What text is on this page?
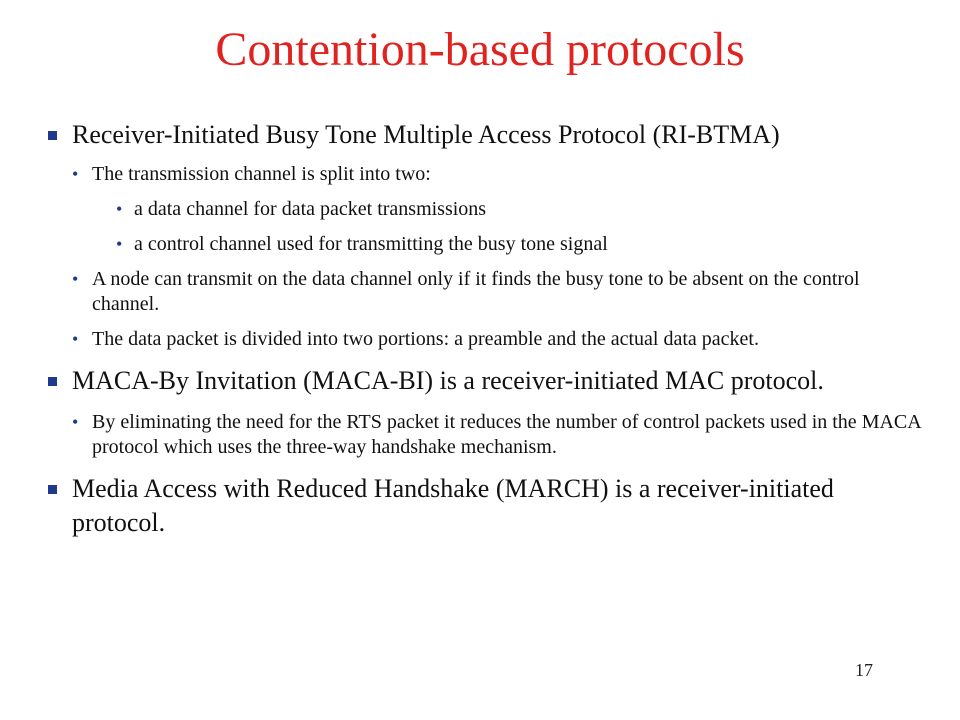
Contention-based protocols
Receiver-Initiated Busy Tone Multiple Access Protocol (RI-BTMA)
• The transmission channel is split into two:
• a data channel for data packet transmissions
• a control channel used for transmitting the busy tone signal
• A node can transmit on the data channel only if it finds the busy tone to be absent on the control channel.
• The data packet is divided into two portions: a preamble and the actual data packet.
MACA-By Invitation (MACA-BI) is a receiver-initiated MAC protocol.
• By eliminating the need for the RTS packet it reduces the number of control packets used in the MACA protocol which uses the three-way handshake mechanism.
Media Access with Reduced Handshake (MARCH) is a receiver-initiated protocol.
17
